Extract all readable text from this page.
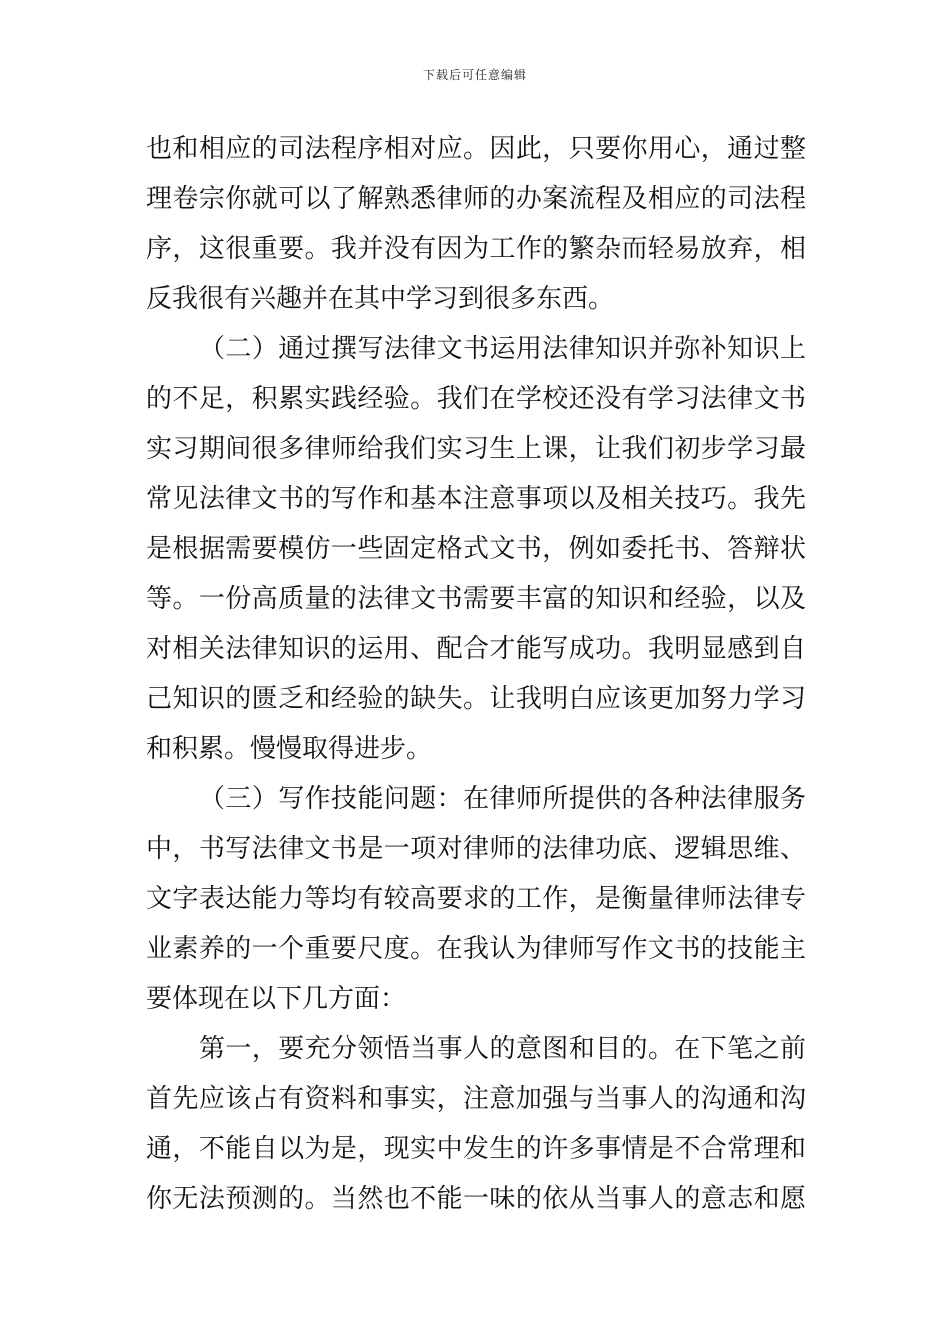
下载后可任意编辑
也和相应的司法程序相对应。因此，只要你用心，通过整
理卷宗你就可以了解熟悉律师的办案流程及相应的司法程
序，这很重要。我并没有因为工作的繁杂而轻易放弃，相
反我很有兴趣并在其中学习到很多东西。
（二）通过撰写法律文书运用法律知识并弥补知识上
的不足，积累实践经验。我们在学校还没有学习法律文书
实习期间很多律师给我们实习生上课，让我们初步学习最
常见法律文书的写作和基本注意事项以及相关技巧。我先
是根据需要模仿一些固定格式文书，例如委托书、答辩状
等。一份高质量的法律文书需要丰富的知识和经验，以及
对相关法律知识的运用、配合才能写成功。我明显感到自
己知识的匮乏和经验的缺失。让我明白应该更加努力学习
和积累。慢慢取得进步。
（三）写作技能问题：在律师所提供的各种法律服务
中，书写法律文书是一项对律师的法律功底、逻辑思维、
文字表达能力等均有较高要求的工作，是衡量律师法律专
业素养的一个重要尺度。在我认为律师写作文书的技能主
要体现在以下几方面：
第一，要充分领悟当事人的意图和目的。在下笔之前
首先应该占有资料和事实，注意加强与当事人的沟通和沟
通，不能自以为是，现实中发生的许多事情是不合常理和
你无法预测的。当然也不能一味的依从当事人的意志和愿
